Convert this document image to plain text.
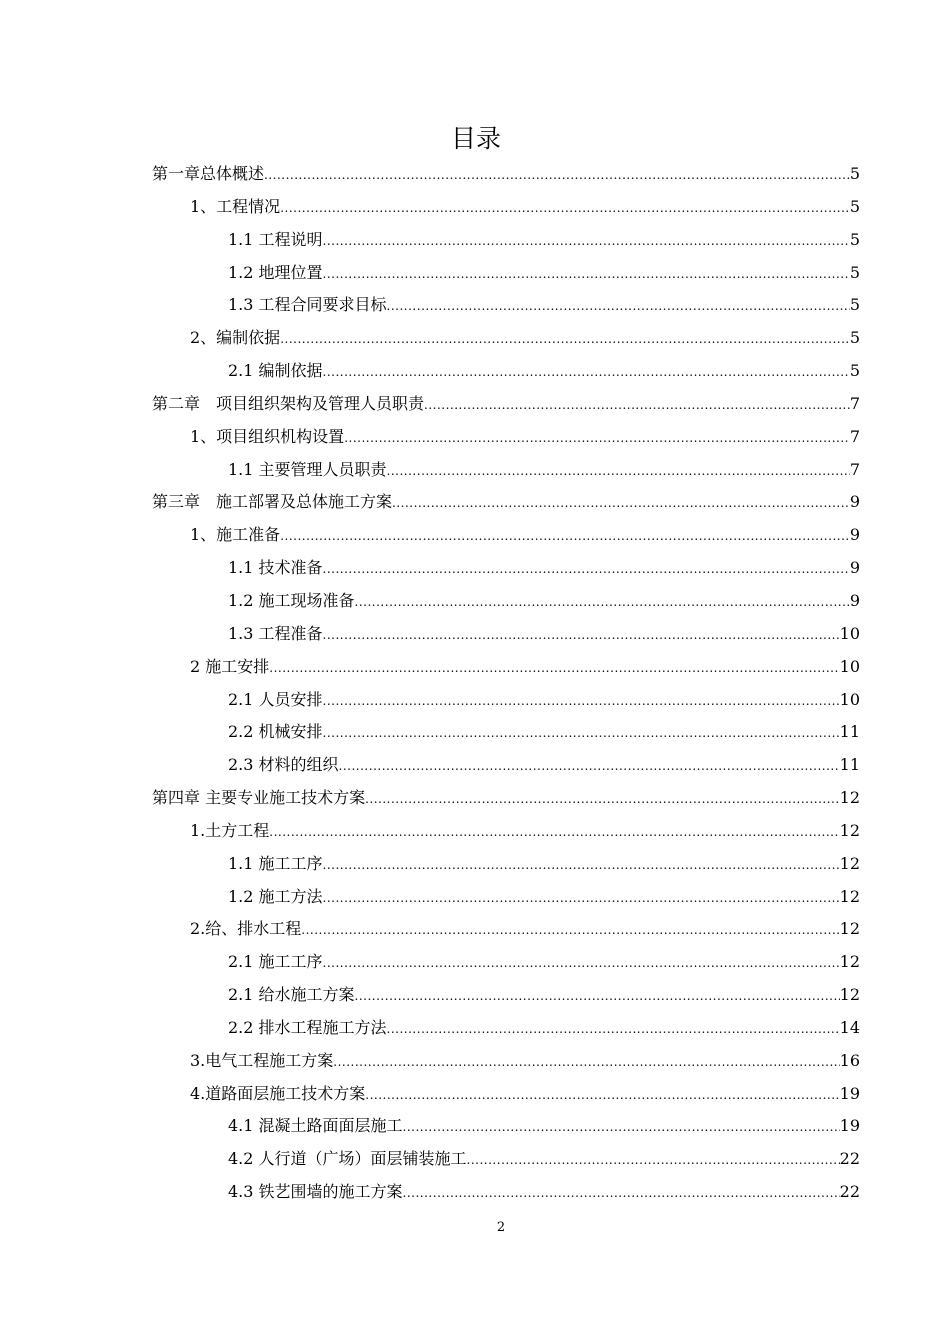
目录
第一章总体概述 .....	5
1、工程情况 .....	5
1.1 工程说明 .....	5
1.2 地理位置 .....	5
1.3 工程合同要求目标 .....	5
2、编制依据 .....	5
2.1 编制依据 .....	5
第二章　项目组织架构及管理人员职责 .....	7
1、项目组织机构设置 .....	7
1.1 主要管理人员职责 .....	7
第三章　施工部署及总体施工方案 .....	9
1、施工准备 .....	9
1.1 技术准备 .....	9
1.2 施工现场准备 .....	9
1.3 工程准备 .....	10
2 施工安排 .....	10
2.1 人员安排 .....	10
2.2 机械安排 .....	11
2.3 材料的组织 .....	11
第四章 主要专业施工技术方案 .....	12
1.土方工程 .....	12
1.1 施工工序 .....	12
1.2 施工方法 .....	12
2.给、排水工程 .....	12
2.1 施工工序 .....	12
2.1 给水施工方案 .....	12
2.2 排水工程施工方法 .....	14
3.电气工程施工方案 .....	16
4.道路面层施工技术方案 .....	19
4.1 混凝土路面面层施工 .....	19
4.2 人行道（广场）面层铺装施工 .....	22
4.3 铁艺围墙的施工方案 .....	22
2
